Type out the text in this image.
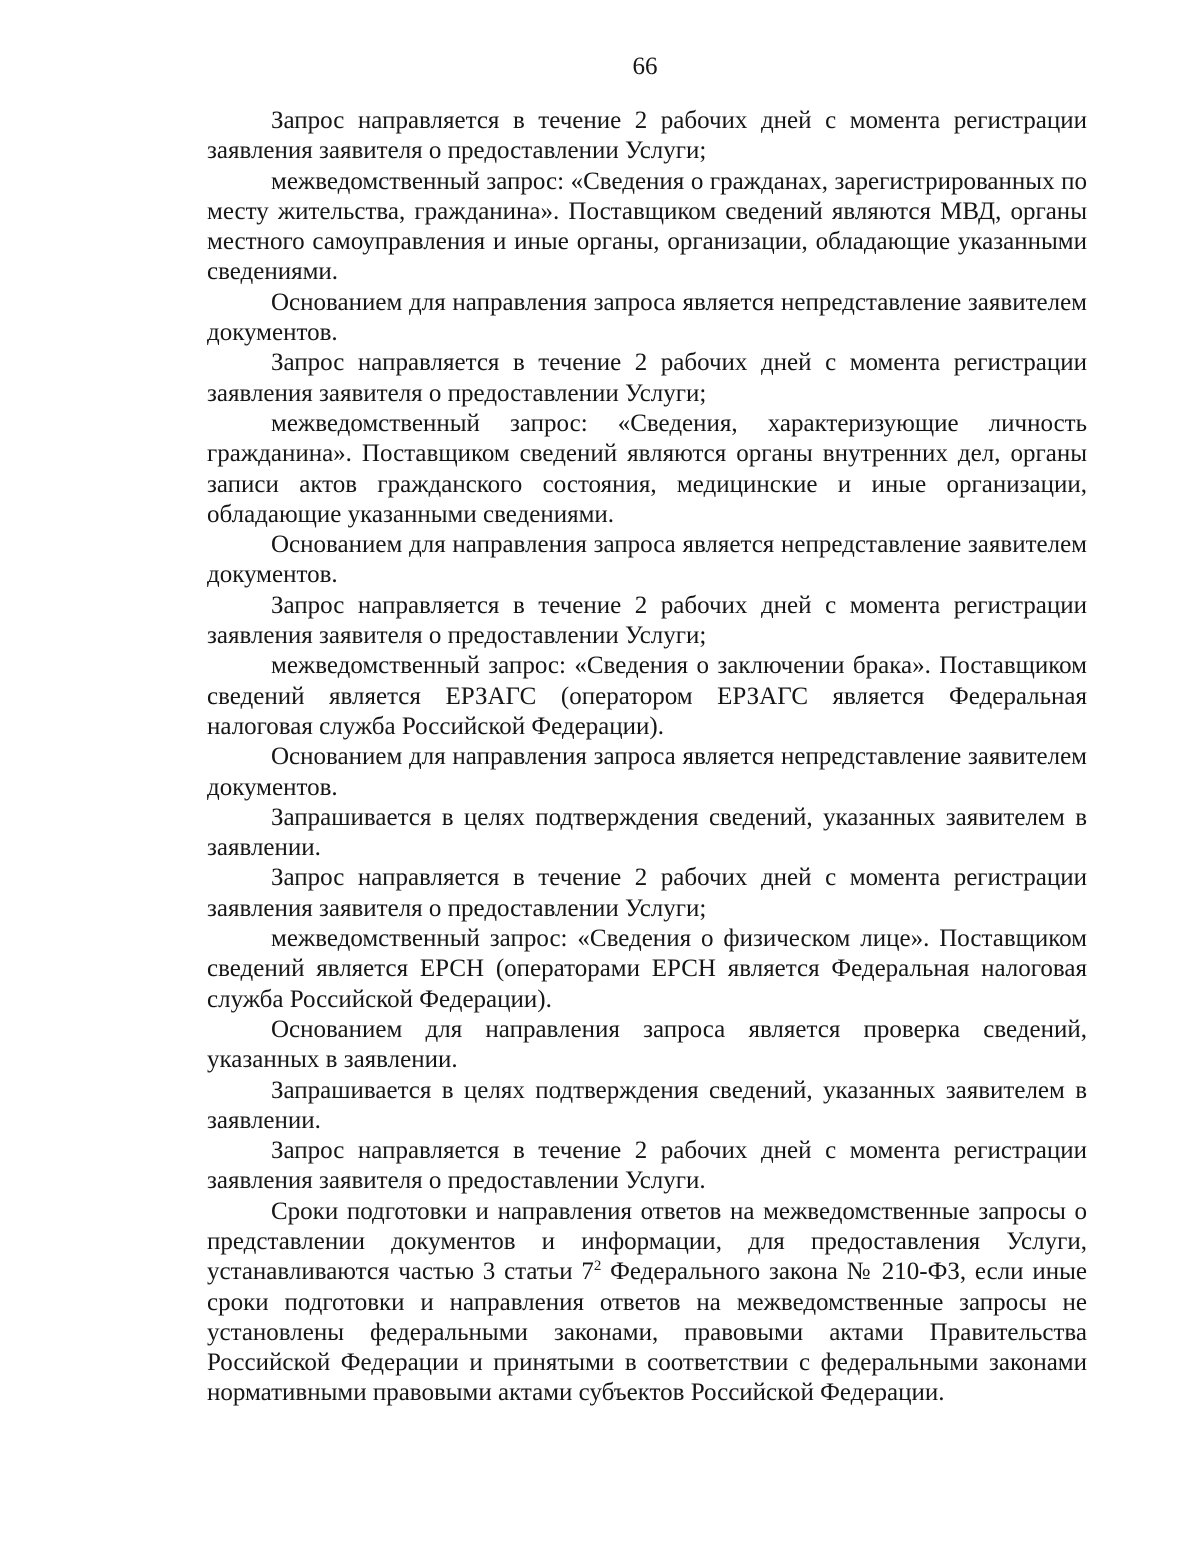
66

Запрос направляется в течение 2 рабочих дней с момента регистрации заявления заявителя о предоставлении Услуги;

межведомственный запрос: «Сведения о гражданах, зарегистрированных по месту жительства, гражданина». Поставщиком сведений являются МВД, органы местного самоуправления и иные органы, организации, обладающие указанными сведениями.

Основанием для направления запроса является непредставление заявителем документов.

Запрос направляется в течение 2 рабочих дней с момента регистрации заявления заявителя о предоставлении Услуги;

межведомственный запрос: «Сведения, характеризующие личность гражданина». Поставщиком сведений являются органы внутренних дел, органы записи актов гражданского состояния, медицинские и иные организации, обладающие указанными сведениями.

Основанием для направления запроса является непредставление заявителем документов.

Запрос направляется в течение 2 рабочих дней с момента регистрации заявления заявителя о предоставлении Услуги;

межведомственный запрос: «Сведения о заключении брака». Поставщиком сведений является ЕРЗАГС (оператором ЕРЗАГС является Федеральная налоговая служба Российской Федерации).

Основанием для направления запроса является непредставление заявителем документов.

Запрашивается в целях подтверждения сведений, указанных заявителем в заявлении.

Запрос направляется в течение 2 рабочих дней с момента регистрации заявления заявителя о предоставлении Услуги;

межведомственный запрос: «Сведения о физическом лице». Поставщиком сведений является ЕРСН (операторами ЕРСН является Федеральная налоговая служба Российской Федерации).

Основанием для направления запроса является проверка сведений, указанных в заявлении.

Запрашивается в целях подтверждения сведений, указанных заявителем в заявлении.

Запрос направляется в течение 2 рабочих дней с момента регистрации заявления заявителя о предоставлении Услуги.

Сроки подготовки и направления ответов на межведомственные запросы о представлении документов и информации, для предоставления Услуги, устанавливаются частью 3 статьи $7^2$ Федерального закона № 210-ФЗ, если иные сроки подготовки и направления ответов на межведомственные запросы не установлены федеральными законами, правовыми актами Правительства Российской Федерации и принятыми в соответствии с федеральными законами нормативными правовыми актами субъектов Российской Федерации.
